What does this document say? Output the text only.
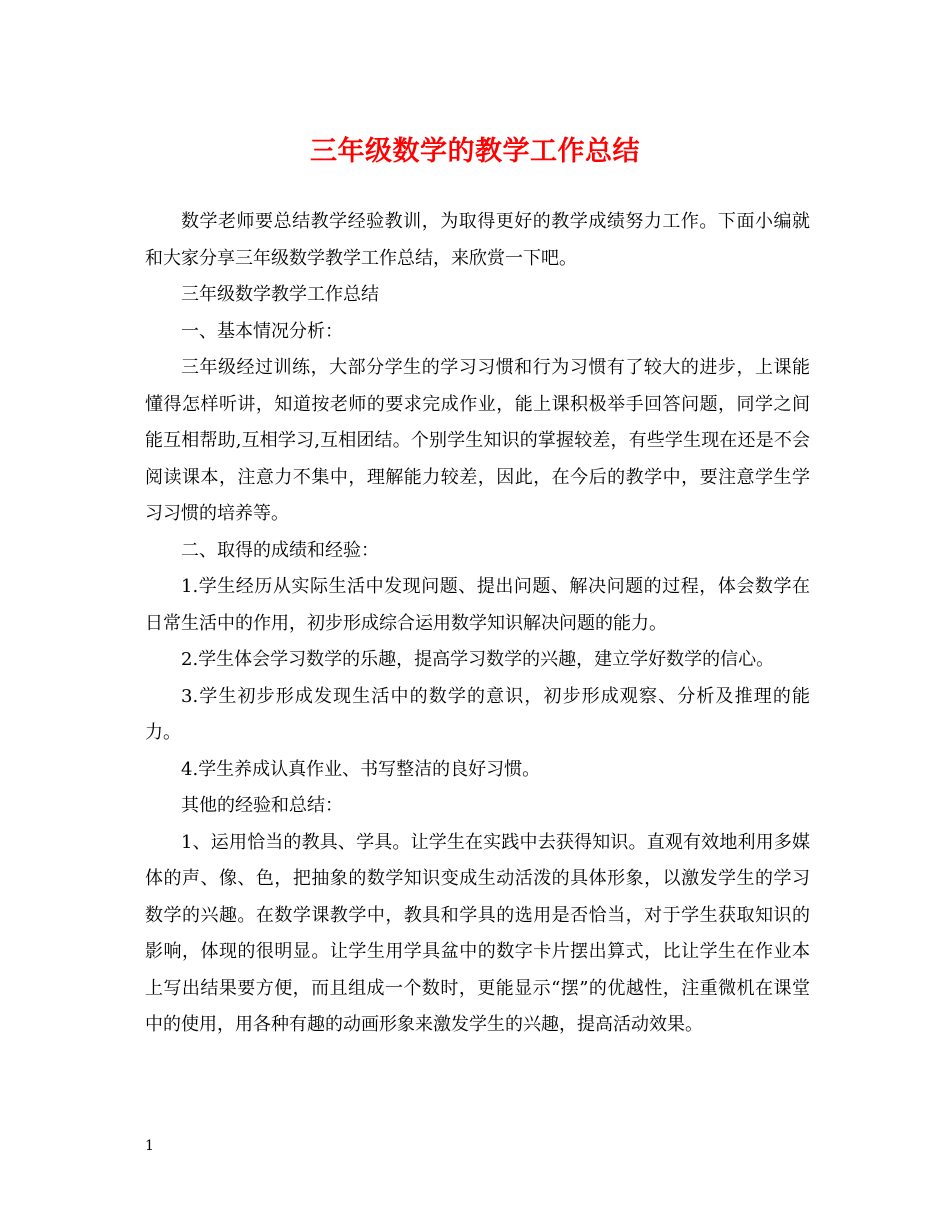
三年级数学的教学工作总结

数学老师要总结教学经验教训，为取得更好的教学成绩努力工作。下面小编就和大家分享三年级数学教学工作总结，来欣赏一下吧。

三年级数学教学工作总结

一、基本情况分析：

三年级经过训练，大部分学生的学习习惯和行为习惯有了较大的进步，上课能懂得怎样听讲，知道按老师的要求完成作业，能上课积极举手回答问题，同学之间能互相帮助,互相学习,互相团结。个别学生知识的掌握较差，有些学生现在还是不会阅读课本，注意力不集中，理解能力较差，因此，在今后的教学中，要注意学生学习习惯的培养等。

二、取得的成绩和经验：

1.学生经历从实际生活中发现问题、提出问题、解决问题的过程，体会数学在日常生活中的作用，初步形成综合运用数学知识解决问题的能力。

2.学生体会学习数学的乐趣，提高学习数学的兴趣，建立学好数学的信心。

3.学生初步形成发现生活中的数学的意识，初步形成观察、分析及推理的能力。

4.学生养成认真作业、书写整洁的良好习惯。

其他的经验和总结：

1、运用恰当的教具、学具。让学生在实践中去获得知识。直观有效地利用多媒体的声、像、色，把抽象的数学知识变成生动活泼的具体形象，以激发学生的学习数学的兴趣。在数学课教学中，教具和学具的选用是否恰当，对于学生获取知识的影响，体现的很明显。让学生用学具盆中的数字卡片摆出算式，比让学生在作业本上写出结果要方便，而且组成一个数时，更能显示“摆”的优越性，注重微机在课堂中的使用，用各种有趣的动画形象来激发学生的兴趣，提高活动效果。

1
